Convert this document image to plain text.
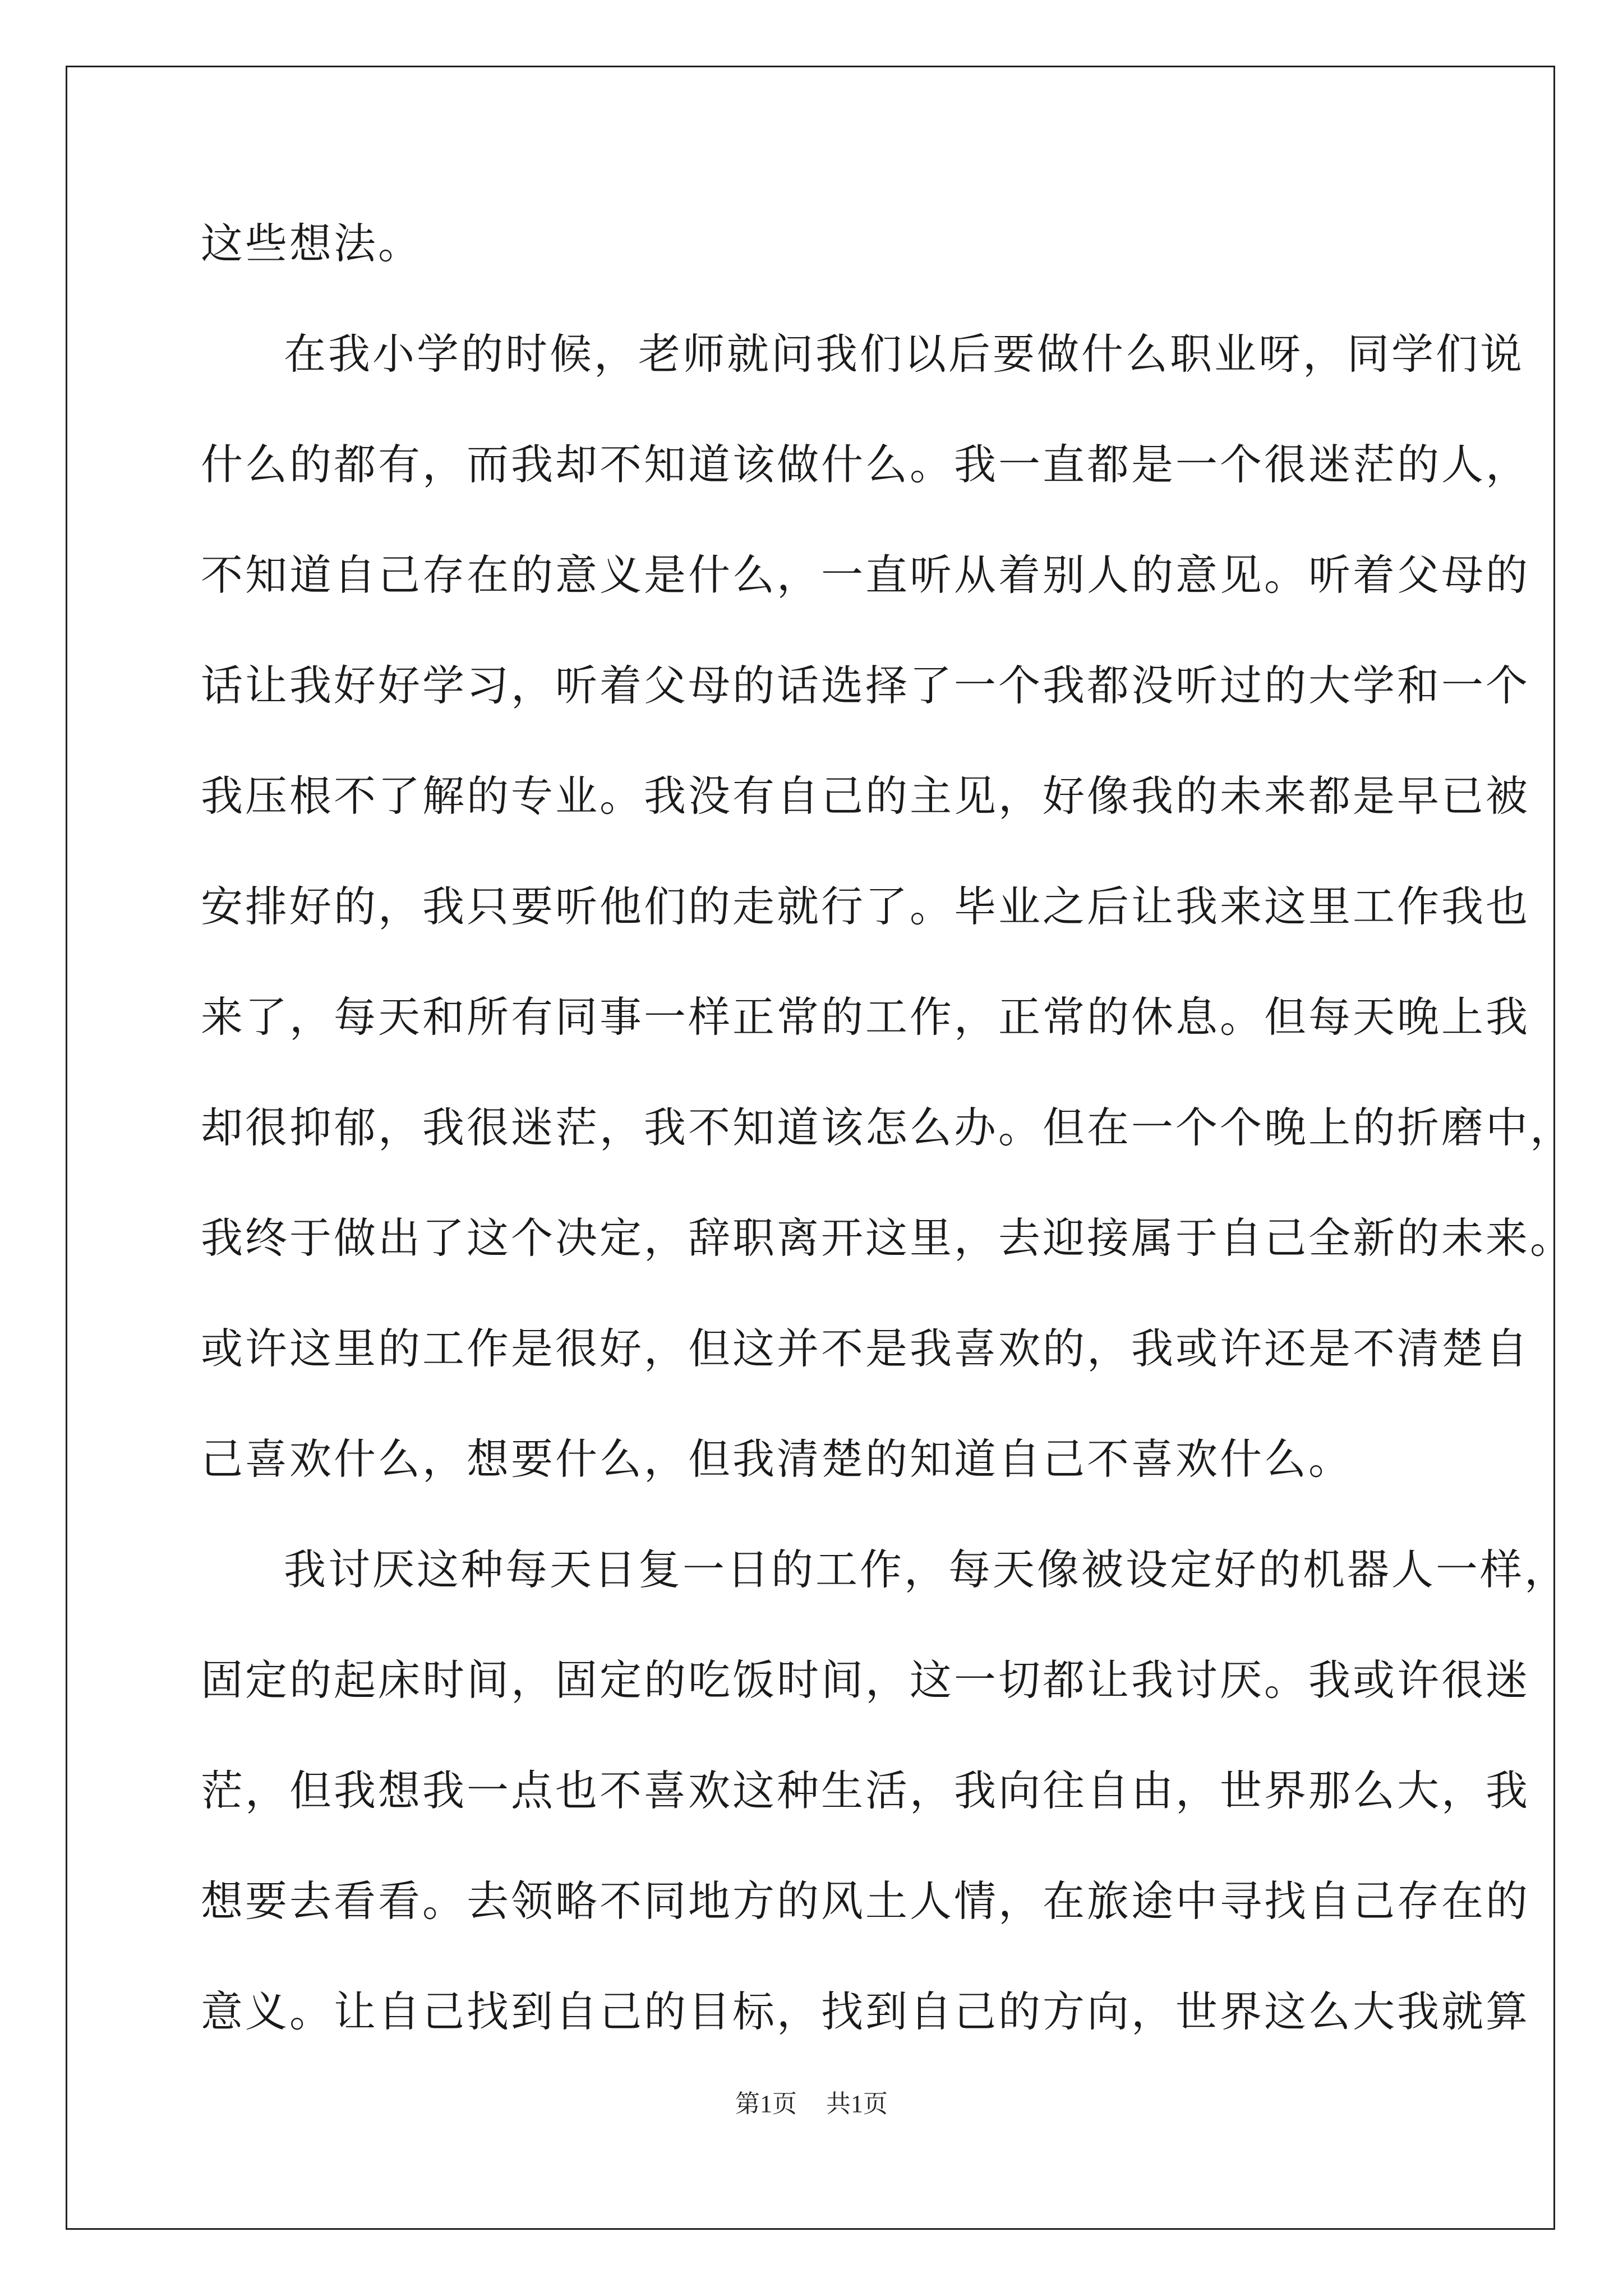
这些想法。
在我小学的时候，老师就问我们以后要做什么职业呀，同学们说
什么的都有，而我却不知道该做什么。我一直都是一个很迷茫的人，
不知道自己存在的意义是什么，一直听从着别人的意见。听着父母的
话让我好好学习，听着父母的话选择了一个我都没听过的大学和一个
我压根不了解的专业。我没有自己的主见，好像我的未来都是早已被
安排好的，我只要听他们的走就行了。毕业之后让我来这里工作我也
来了，每天和所有同事一样正常的工作，正常的休息。但每天晚上我
却很抑郁，我很迷茫，我不知道该怎么办。但在一个个晚上的折磨中，
我终于做出了这个决定，辞职离开这里，去迎接属于自己全新的未来。
或许这里的工作是很好，但这并不是我喜欢的，我或许还是不清楚自
己喜欢什么，想要什么，但我清楚的知道自己不喜欢什么。
我讨厌这种每天日复一日的工作，每天像被设定好的机器人一样，
固定的起床时间，固定的吃饭时间，这一切都让我讨厌。我或许很迷
茫，但我想我一点也不喜欢这种生活，我向往自由，世界那么大，我
想要去看看。去领略不同地方的风土人情，在旅途中寻找自己存在的
意义。让自己找到自己的目标，找到自己的方向，世界这么大我就算
第1页 共1页
